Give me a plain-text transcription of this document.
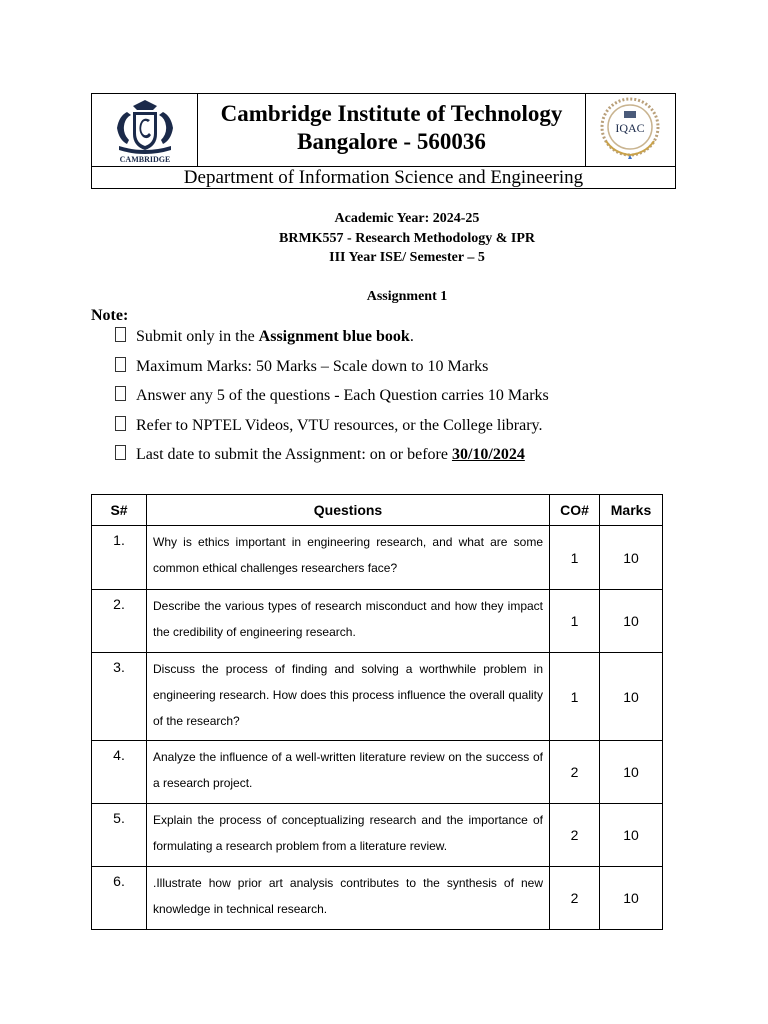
CAMBRIDGE
Cambridge Institute of Technology
Bangalore - 560036
IQAC
Department of Information Science and Engineering
Academic Year: 2024-25
BRMK557 - Research Methodology & IPR
III Year ISE/ Semester – 5
Assignment 1
Note:
Submit only in the Assignment blue book.
Maximum Marks: 50 Marks – Scale down to 10 Marks
Answer any 5 of the questions - Each Question carries 10 Marks
Refer to NPTEL Videos, VTU resources, or the College library.
Last date to submit the Assignment: on or before 30/10/2024
S#	Questions	CO#	Marks
1.	Why is ethics important in engineering research, and what are some common ethical challenges researchers face?	1	10
2.	Describe the various types of research misconduct and how they impact the credibility of engineering research.	1	10
3.	Discuss the process of finding and solving a worthwhile problem in engineering research. How does this process influence the overall quality of the research?	1	10
4.	Analyze the influence of a well-written literature review on the success of a research project.	2	10
5.	Explain the process of conceptualizing research and the importance of formulating a research problem from a literature review.	2	10
6.	.Illustrate how prior art analysis contributes to the synthesis of new knowledge in technical research.	2	10
